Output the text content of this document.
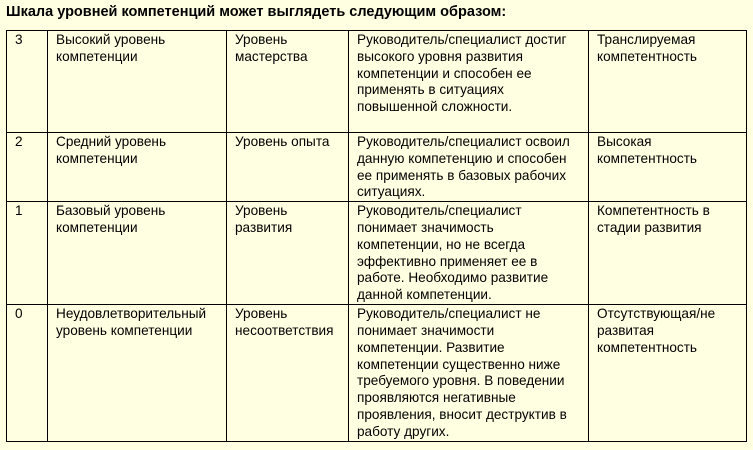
Шкала уровней компетенций может выглядеть следующим образом:
3	Высокий уровень компетенции	Уровень мастерства	Руководитель/специалист достиг высокого уровня развития компетенции и способен ее применять в ситуациях повышенной сложности.	Транслируемая компетентность
2	Средний уровень компетенции	Уровень опыта	Руководитель/специалист освоил данную компетенцию и способен ее применять в базовых рабочих ситуациях.	Высокая компетентность
1	Базовый уровень компетенции	Уровень развития	Руководитель/специалист понимает значимость компетенции, но не всегда эффективно применяет ее в работе. Необходимо развитие данной компетенции.	Компетентность в стадии развития
0	Неудовлетворительный уровень компетенции	Уровень несоответствия	Руководитель/специалист не понимает значимости компетенции. Развитие компетенции существенно ниже требуемого уровня. В поведении проявляются негативные проявления, вносит деструктив в работу других.	Отсутствующая/не развитая компетентность
